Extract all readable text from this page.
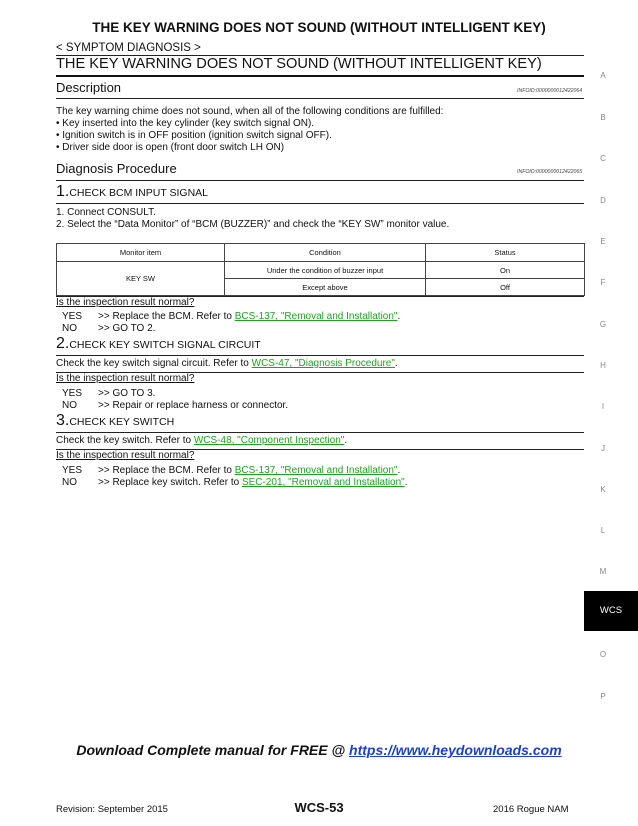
THE KEY WARNING DOES NOT SOUND (WITHOUT INTELLIGENT KEY)
< SYMPTOM DIAGNOSIS >
THE KEY WARNING DOES NOT SOUND (WITHOUT INTELLIGENT KEY)
Description	INFOID:0000000012422064
The key warning chime does not sound, when all of the following conditions are fulfilled:
• Key inserted into the key cylinder (key switch signal ON).
• Ignition switch is in OFF position (ignition switch signal OFF).
• Driver side door is open (front door switch LH ON)
Diagnosis Procedure	INFOID:0000000012422065
1.CHECK BCM INPUT SIGNAL
1. Connect CONSULT.
2. Select the “Data Monitor” of “BCM (BUZZER)” and check the “KEY SW” monitor value.
Monitor item	Condition	Status
KEY SW	Under the condition of buzzer input	On
	Except above	Off
Is the inspection result normal?
YES >> Replace the BCM. Refer to BCS-137, "Removal and Installation".
NO >> GO TO 2.
2.CHECK KEY SWITCH SIGNAL CIRCUIT
Check the key switch signal circuit. Refer to WCS-47, "Diagnosis Procedure".
Is the inspection result normal?
YES >> GO TO 3.
NO >> Repair or replace harness or connector.
3.CHECK KEY SWITCH
Check the key switch. Refer to WCS-48, "Component Inspection".
Is the inspection result normal?
YES >> Replace the BCM. Refer to BCS-137, "Removal and Installation".
NO >> Replace key switch. Refer to SEC-201, "Removal and Installation".
A
B
C
D
E
F
G
H
I
J
K
L
M
WCS
O
P
Download Complete manual for FREE @ https://www.heydownloads.com
Revision: September 2015	WCS-53	2016 Rogue NAM
